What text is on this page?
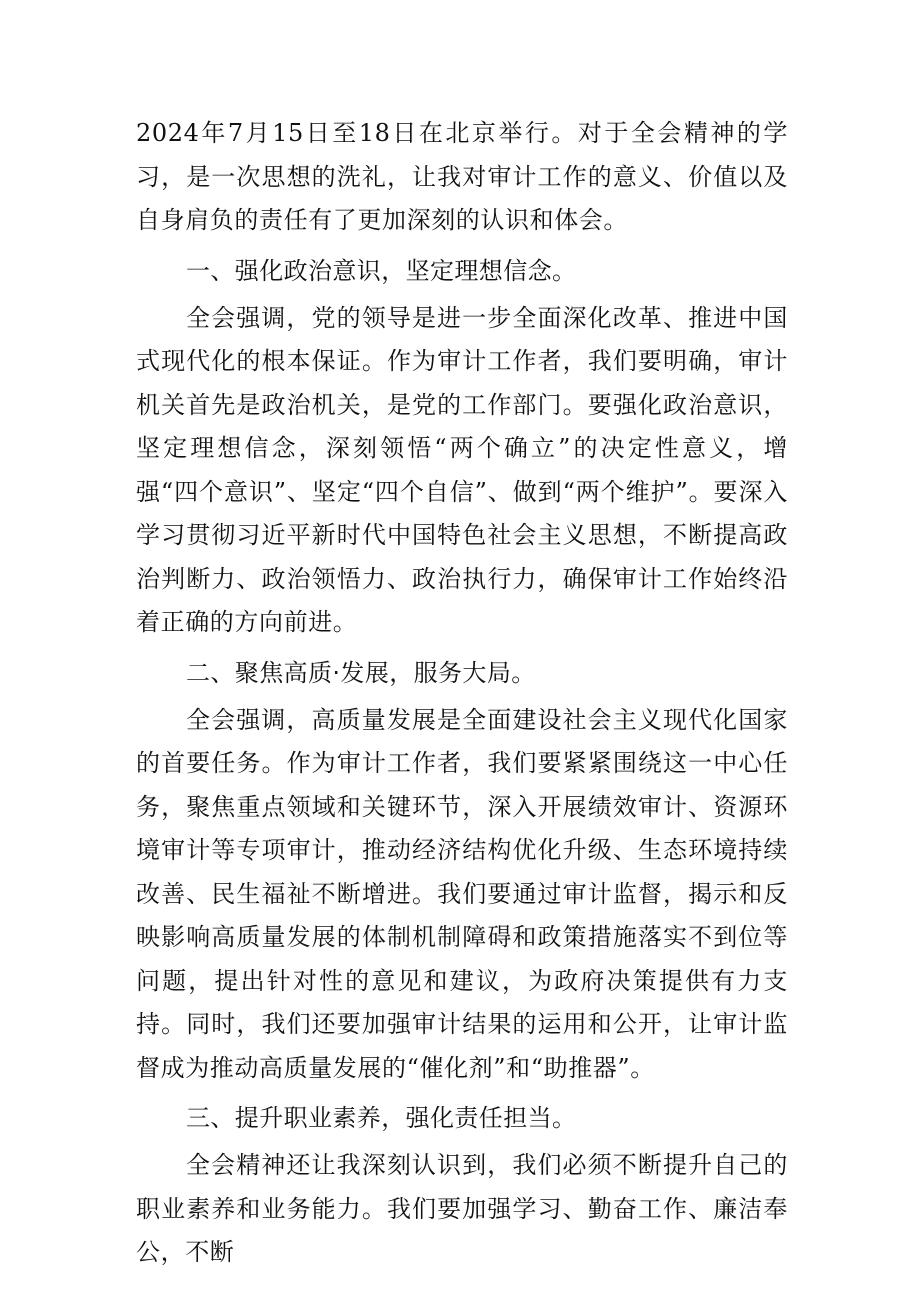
2024年7月15日至18日在北京举行。对于全会精神的学习，是一次思想的洗礼，让我对审计工作的意义、价值以及自身肩负的责任有了更加深刻的认识和体会。

一、强化政治意识，坚定理想信念。

全会强调，党的领导是进一步全面深化改革、推进中国式现代化的根本保证。作为审计工作者，我们要明确，审计机关首先是政治机关，是党的工作部门。要强化政治意识，坚定理想信念，深刻领悟“两个确立”的决定性意义，增强“四个意识”、坚定“四个自信”、做到“两个维护”。要深入学习贯彻习近平新时代中国特色社会主义思想，不断提高政治判断力、政治领悟力、政治执行力，确保审计工作始终沿着正确的方向前进。

二、聚焦高质·发展，服务大局。

全会强调，高质量发展是全面建设社会主义现代化国家的首要任务。作为审计工作者，我们要紧紧围绕这一中心任务，聚焦重点领域和关键环节，深入开展绩效审计、资源环境审计等专项审计，推动经济结构优化升级、生态环境持续改善、民生福祉不断增进。我们要通过审计监督，揭示和反映影响高质量发展的体制机制障碍和政策措施落实不到位等问题，提出针对性的意见和建议，为政府决策提供有力支持。同时，我们还要加强审计结果的运用和公开，让审计监督成为推动高质量发展的“催化剂”和“助推器”。

三、提升职业素养，强化责任担当。

全会精神还让我深刻认识到，我们必须不断提升自己的职业素养和业务能力。我们要加强学习、勤奋工作、廉洁奉公，不断
